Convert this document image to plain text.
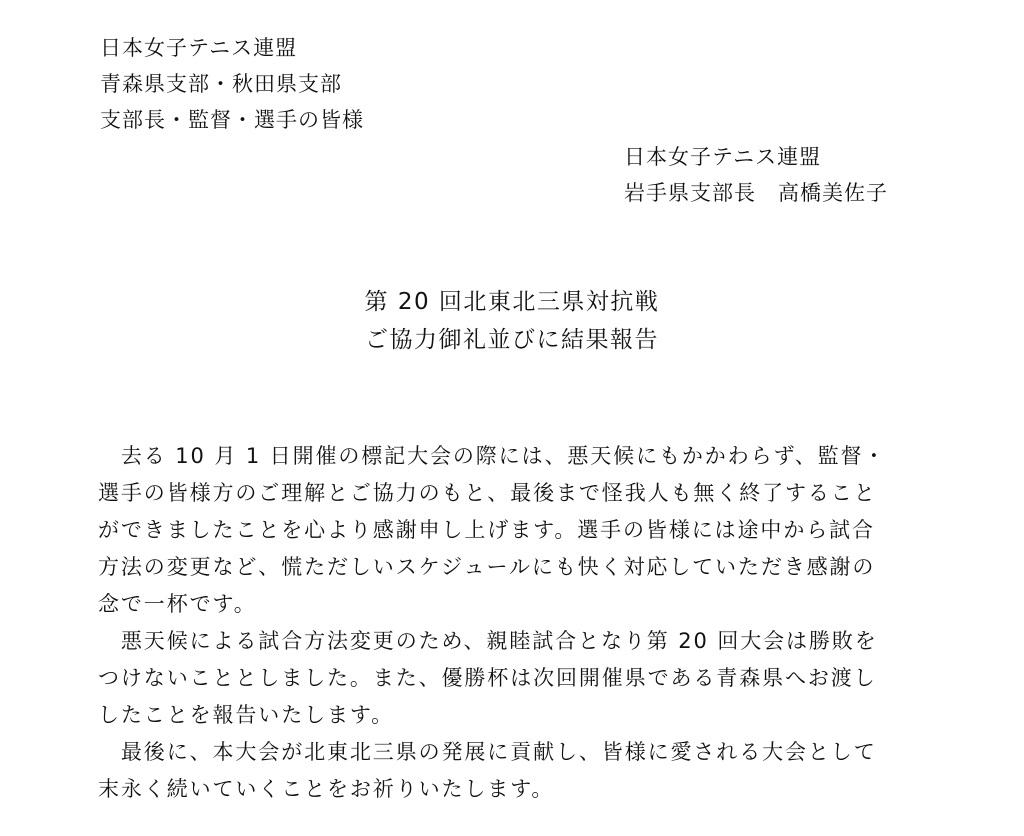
日本女子テニス連盟
青森県支部・秋田県支部
支部長・監督・選手の皆様
日本女子テニス連盟
岩手県支部長　高橋美佐子
第 20 回北東北三県対抗戦
ご協力御礼並びに結果報告
　去る 10 月 1 日開催の標記大会の際には、悪天候にもかかわらず、監督・
選手の皆様方のご理解とご協力のもと、最後まで怪我人も無く終了すること
ができましたことを心より感謝申し上げます。選手の皆様には途中から試合
方法の変更など、慌ただしいスケジュールにも快く対応していただき感謝の
念で一杯です。
　悪天候による試合方法変更のため、親睦試合となり第 20 回大会は勝敗を
つけないこととしました。また、優勝杯は次回開催県である青森県へお渡し
したことを報告いたします。
　最後に、本大会が北東北三県の発展に貢献し、皆様に愛される大会として
末永く続いていくことをお祈りいたします。
